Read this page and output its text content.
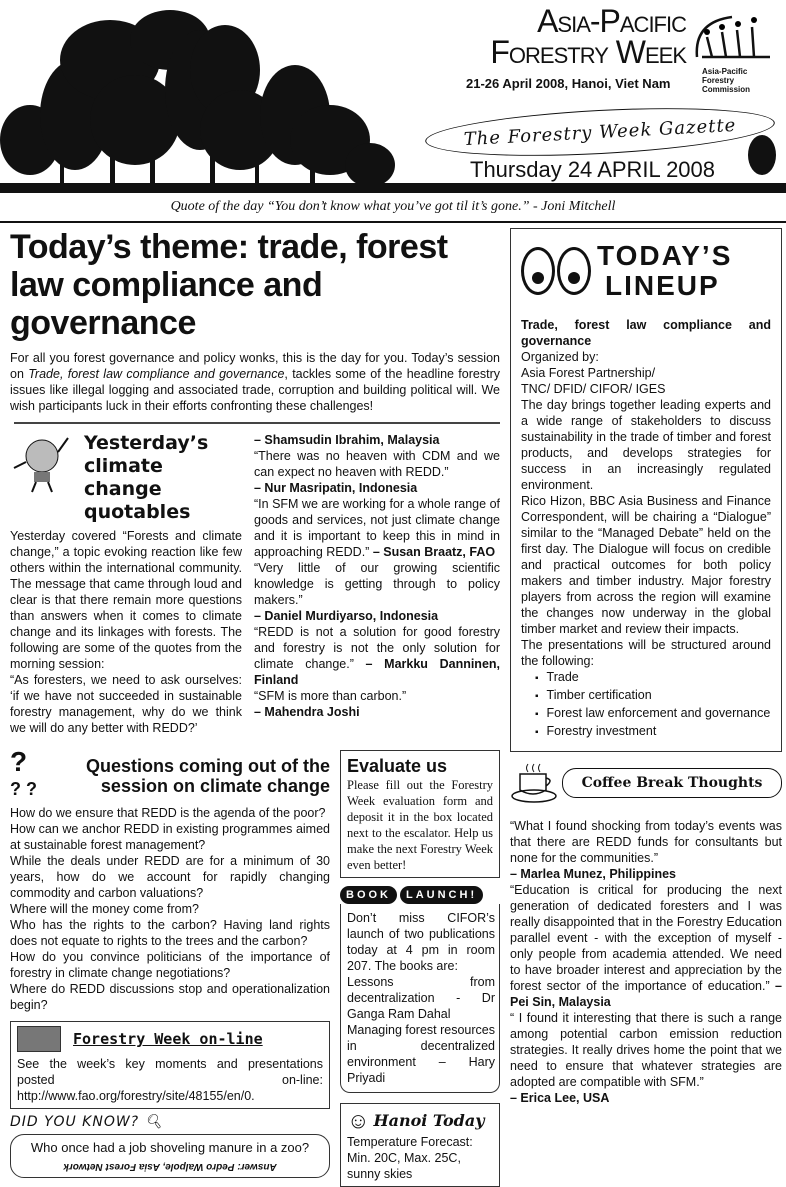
Asia-Pacific
Forestry Week
21-26 April 2008, Hanoi, Viet Nam
Asia-Pacific Forestry Commission
The Forestry Week Gazette
Thursday 24 APRIL 2008
Quote of the day “You don’t know what you’ve got til it’s gone.” - Joni Mitchell
Today’s theme: trade, forest law compliance and governance
For all you forest governance and policy wonks, this is the day for you. Today’s session on Trade, forest law compliance and governance, tackles some of the headline forestry issues like illegal logging and associated trade, corruption and building political will. We wish participants luck in their efforts confronting these challenges!
Yesterday’s climate change quotables

Yesterday covered “Forests and climate change,” a topic evoking reaction like few others within the international community. The message that came through loud and clear is that there remain more questions than answers when it comes to climate change and its linkages with forests. The following are some of the quotes from the morning session:

“As foresters, we need to ask ourselves: ‘if we have not succeeded in sustainable forestry management, why do we think we will do any better with REDD?’

– Shamsudin Ibrahim, Malaysia

“There was no heaven with CDM and we can expect no heaven with REDD.”

– Nur Masripatin, Indonesia

“In SFM we are working for a whole range of goods and services, not just climate change and it is important to keep this in mind in approaching REDD.” – Susan Braatz, FAO

“Very little of our growing scientific knowledge is getting through to policy makers.”

– Daniel Murdiyarso, Indonesia

“REDD is not a solution for good forestry and forestry is not the only solution for climate change.” – Markku Danninen, Finland

“SFM is more than carbon.”

– Mahendra Joshi

?
? ?
Questions coming out of the
session on climate change

How do we ensure that REDD is the agenda of the poor?

How can we anchor REDD in existing programmes aimed at sustainable forest management?

While the deals under REDD are for a minimum of 30 years, how do we account for rapidly changing commodity and carbon valuations?

Where will the money come from?

Who has the rights to the carbon? Having land rights does not equate to rights to the trees and the carbon?

How do you convince politicians of the importance of forestry in climate change negotiations?

Where do REDD discussions stop and operationalization begin?

Forestry Week on-line
See the week’s key moments and presentations posted on-line: http://www.fao.org/forestry/site/48155/en/0.
DID YOU KNOW? 🔍︎
Who once had a job shoveling manure in a zoo?
Answer: Pedro Walpole, Asia Forest Network
Evaluate us
Please fill out the Forestry Week evaluation form and deposit it in the box located next to the escalator. Help us make the next Forestry Week even better!
BOOK	LAUNCH!

Don’t miss CIFOR’s launch of two publications today at 4 pm in room 207. The books are:

Lessons from decentralization - Dr Ganga Ram Dahal

Managing forest resources in decentralized environment – Hary Priyadi

☺ Hanoi Today
Temperature Forecast: Min. 20C, Max. 25C, sunny skies
TODAY’S
LINEUP

Trade, forest law compliance and governance

Organized by:

Asia Forest Partnership/

TNC/ DFID/ CIFOR/ IGES

The day brings together leading experts and a wide range of stakeholders to discuss sustainability in the trade of timber and forest products, and develops strategies for success in an increasingly regulated environment.

Rico Hizon, BBC Asia Business and Finance Correspondent, will be chairing a “Dialogue” similar to the “Managed Debate” held on the first day. The Dialogue will focus on credible and practical outcomes for both policy makers and timber industry. Major forestry players from across the region will examine the changes now underway in the global timber market and review their impacts.

The presentations will be structured around the following:

▪ Trade
▪ Timber certification
▪ Forest law enforcement and governance
▪ Forestry investment
Coffee Break Thoughts

“What I found shocking from today’s events was that there are REDD funds for consultants but none for the communities.”

– Marlea Munez, Philippines

“Education is critical for producing the next generation of dedicated foresters and I was really disappointed that in the Forestry Education parallel event - with the exception of myself - only people from academia attended. We need to have broader interest and appreciation by the forest sector of the importance of education.” – Pei Sin, Malaysia

“ I found it interesting that there is such a range among potential carbon emission reduction strategies. It really drives home the point that we need to ensure that whatever strategies are adopted are compatible with SFM.”

– Erica Lee, USA
